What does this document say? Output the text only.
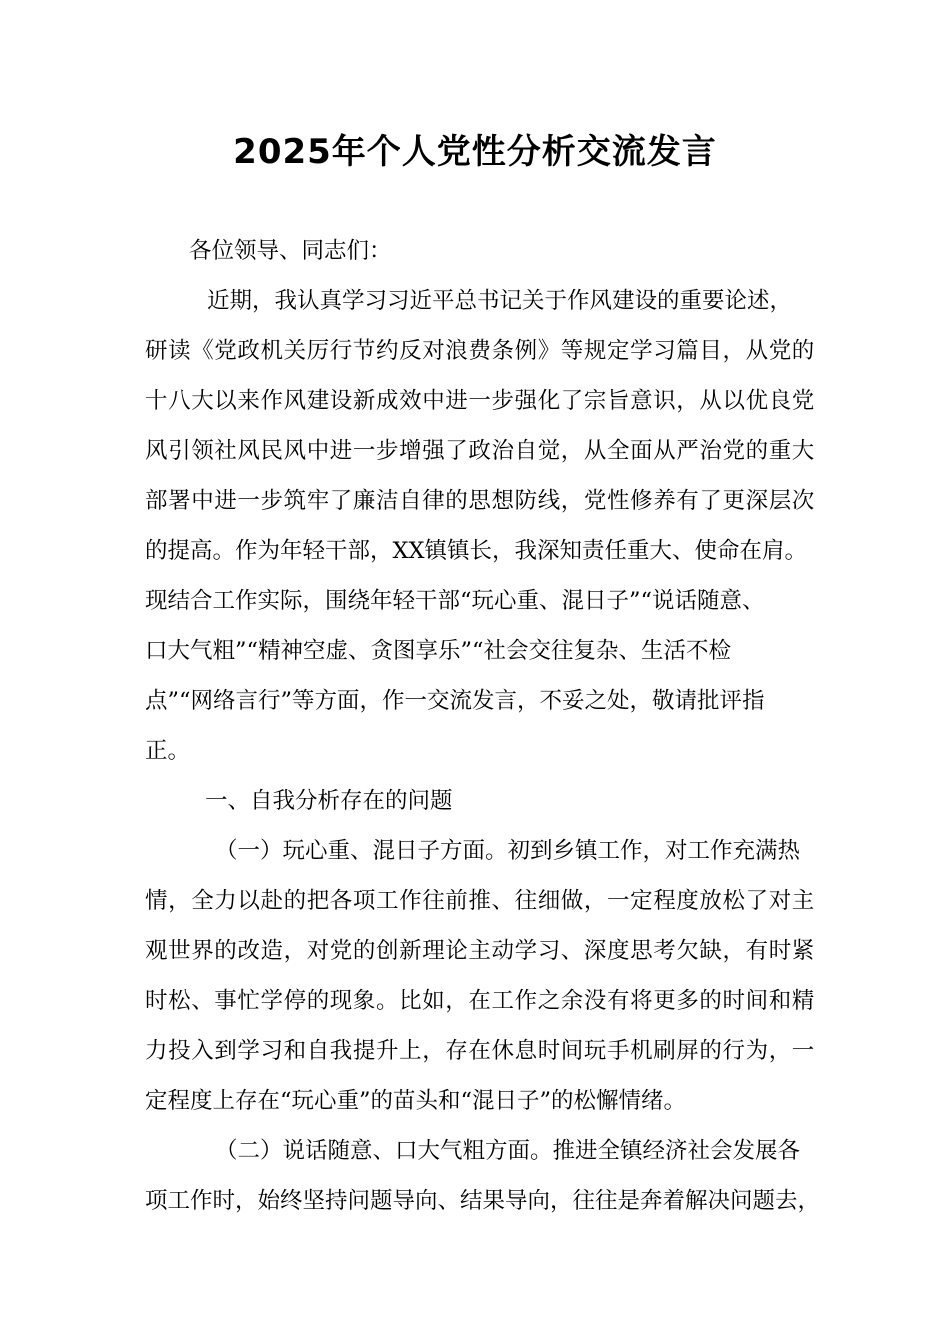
2025年个人党性分析交流发言

各位领导、同志们：

近期，我认真学习习近平总书记关于作风建设的重要论述，
研读《党政机关厉行节约反对浪费条例》等规定学习篇目，从党的
十八大以来作风建设新成效中进一步强化了宗旨意识，从以优良党
风引领社风民风中进一步增强了政治自觉，从全面从严治党的重大
部署中进一步筑牢了廉洁自律的思想防线，党性修养有了更深层次
的提高。作为年轻干部，XX镇镇长，我深知责任重大、使命在肩。
现结合工作实际，围绕年轻干部“玩心重、混日子”“说话随意、
口大气粗”“精神空虚、贪图享乐”“社会交往复杂、生活不检
点”“网络言行”等方面，作一交流发言，不妥之处，敬请批评指
正。

一、自我分析存在的问题

（一）玩心重、混日子方面。初到乡镇工作，对工作充满热
情，全力以赴的把各项工作往前推、往细做，一定程度放松了对主
观世界的改造，对党的创新理论主动学习、深度思考欠缺，有时紧
时松、事忙学停的现象。比如，在工作之余没有将更多的时间和精
力投入到学习和自我提升上，存在休息时间玩手机刷屏的行为，一
定程度上存在“玩心重”的苗头和“混日子”的松懈情绪。

（二）说话随意、口大气粗方面。推进全镇经济社会发展各
项工作时，始终坚持问题导向、结果导向，往往是奔着解决问题去，
